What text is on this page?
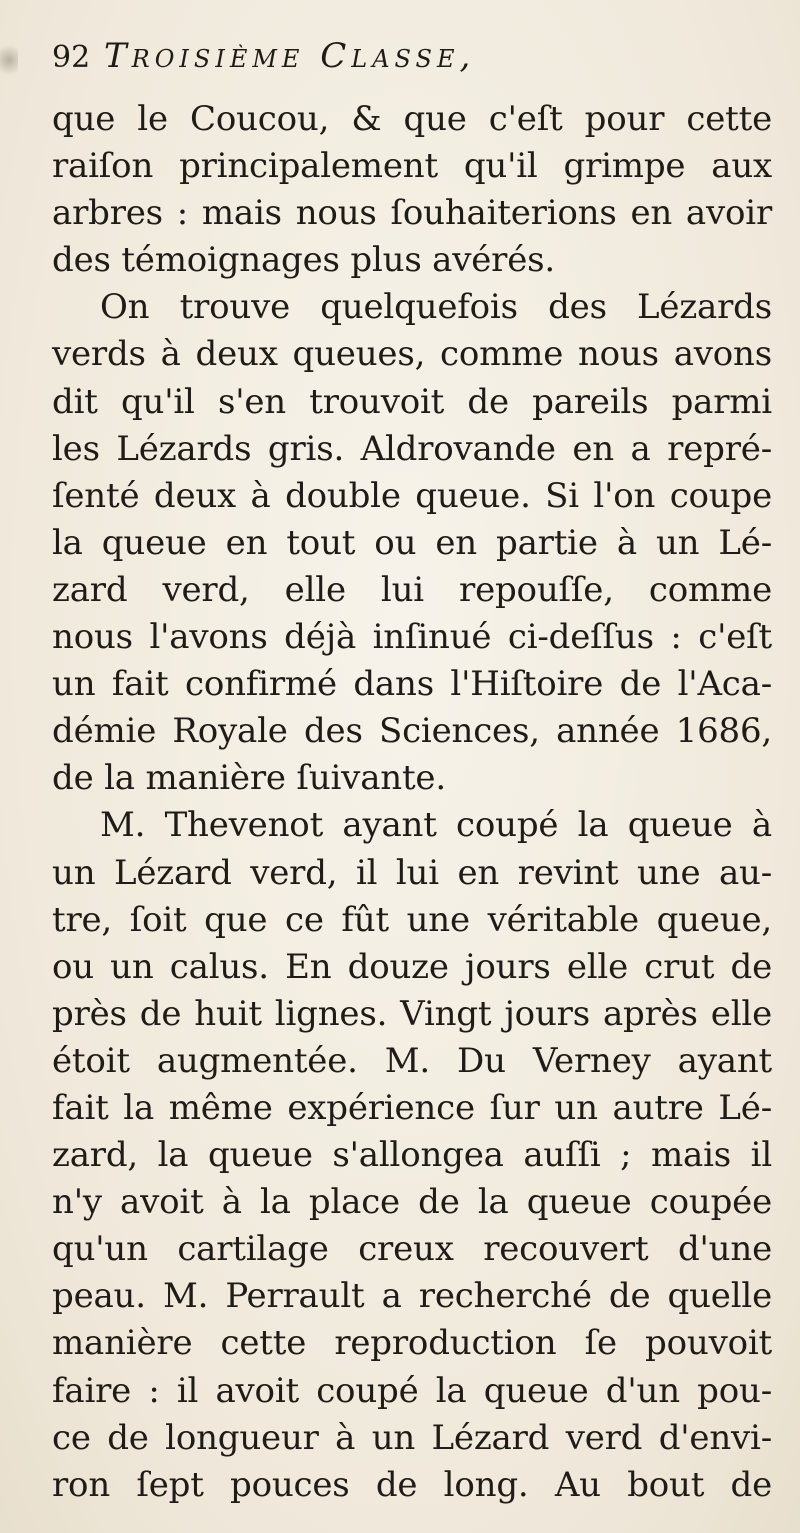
92 Troisième Classe,

que le Coucou, & que c'eſt pour cette
raiſon principalement qu'il grimpe aux
arbres : mais nous ſouhaiterions en avoir
des témoignages plus avérés.

On trouve quelquefois des Lézards
verds à deux queues, comme nous avons
dit qu'il s'en trouvoit de pareils parmi
les Lézards gris. Aldrovande en a repré-
ſenté deux à double queue. Si l'on coupe
la queue en tout ou en partie à un Lé-
zard verd, elle lui repouſſe, comme
nous l'avons déjà inſinué ci-deſſus : c'eſt
un fait confirmé dans l'Hiſtoire de l'Aca-
démie Royale des Sciences, année 1686,
de la manière ſuivante.

M. Thevenot ayant coupé la queue à
un Lézard verd, il lui en revint une au-
tre, ſoit que ce fût une véritable queue,
ou un calus. En douze jours elle crut de
près de huit lignes. Vingt jours après elle
étoit augmentée. M. Du Verney ayant
fait la même expérience ſur un autre Lé-
zard, la queue s'allongea auſſi ; mais il
n'y avoit à la place de la queue coupée
qu'un cartilage creux recouvert d'une
peau. M. Perrault a recherché de quelle
manière cette reproduction ſe pouvoit
faire : il avoit coupé la queue d'un pou-
ce de longueur à un Lézard verd d'envi-
ron ſept pouces de long. Au bout de
